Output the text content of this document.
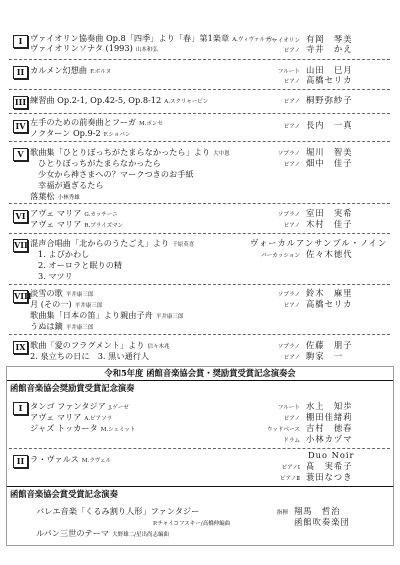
I ヴァイオリン協奏曲 Op.8「四季」より「春」第1楽章 A.ヴィヴァルディ
ヴァイオリンソナタ (1993) 山本和弘
ヴァイオリン 有岡　琴美
ピアノ 寺井　かえ
II カルメン幻想曲 F.ボルヌ	フルート 山田　巳月
ピアノ 高橋セリカ
III 練習曲 Op.2-1, Op.42-5, Op.8-12 A.スクリャービン	ピアノ 桐野弥紗子
IV 左手のための前奏曲とフーガ M.ポンセ
ノクターン Op.9-2 F.ショパン
ピアノ 長内　一真
V 歌曲集「ひとりぼっちがたまらなかったら」より 大中恩
ひとりぼっちがたまらなかったら
少女から神さまへの？マークつきのお手紙
幸福が過ぎるたら
落葉松 小林秀雄
ソプラノ 堀川　智美
ピアノ 畑中　佳子
VI アヴェ マリア G.カッチーニ
アヴェ マリア R.ブライズマン
ソプラノ 室田　実希
ピアノ 木村　佳子
VII 混声合唱曲「北からのうたごえ」より 千原英喜
1. よびかわし
2. オーロラと眠りの精
3. マツリ
ヴォーカルアンサンブル・ノイン
パーカッション 佐々木徳代
VIII
淡雪の歌 平井康三郎
月 (その一) 平井康三郎
歌曲集「日本の笛」より親由子舟 平井康三郎
うぬは鏑 平井康三郎
ソプラノ 鈴木　麻里
ピアノ 高橋セリカ
IX 歌曲「愛のフラグメント」より 信々木兆
2. 泉立ちの日に　3. 黒い通行人
ソプラノ 佐藤　朋子
ピアノ 駒家　一
令和5年度 函館音楽協会賞・奨励賞受賞記念演奏会
函館音楽協会奨励賞受賞記念演奏
I タンゴ ファンタジア J.ゲーゼ
アヴェ マリア A.ピアソラ
ジャズ トッカータ M.シュミット
フルート 水上　知歩
ピアノ 棚田佳緒莉
ウッドベース 吉村　徳春
ドラム 小林カヅマ
II ラ・ヴァルス M.ラヴェル
Duo Noir
ピアノⅠ 髙　実希子
ピアノⅡ 蓑田なつき
函館音楽協会賞受賞記念演奏
バレエ音楽「くるみ割り人形」ファンタジー
P.チャイコフスキー/高橋伸編曲
ルパン三世のテーマ 大野雄二/星出尚志編曲
指揮 翔馬　哲治
函館吹奏楽団
